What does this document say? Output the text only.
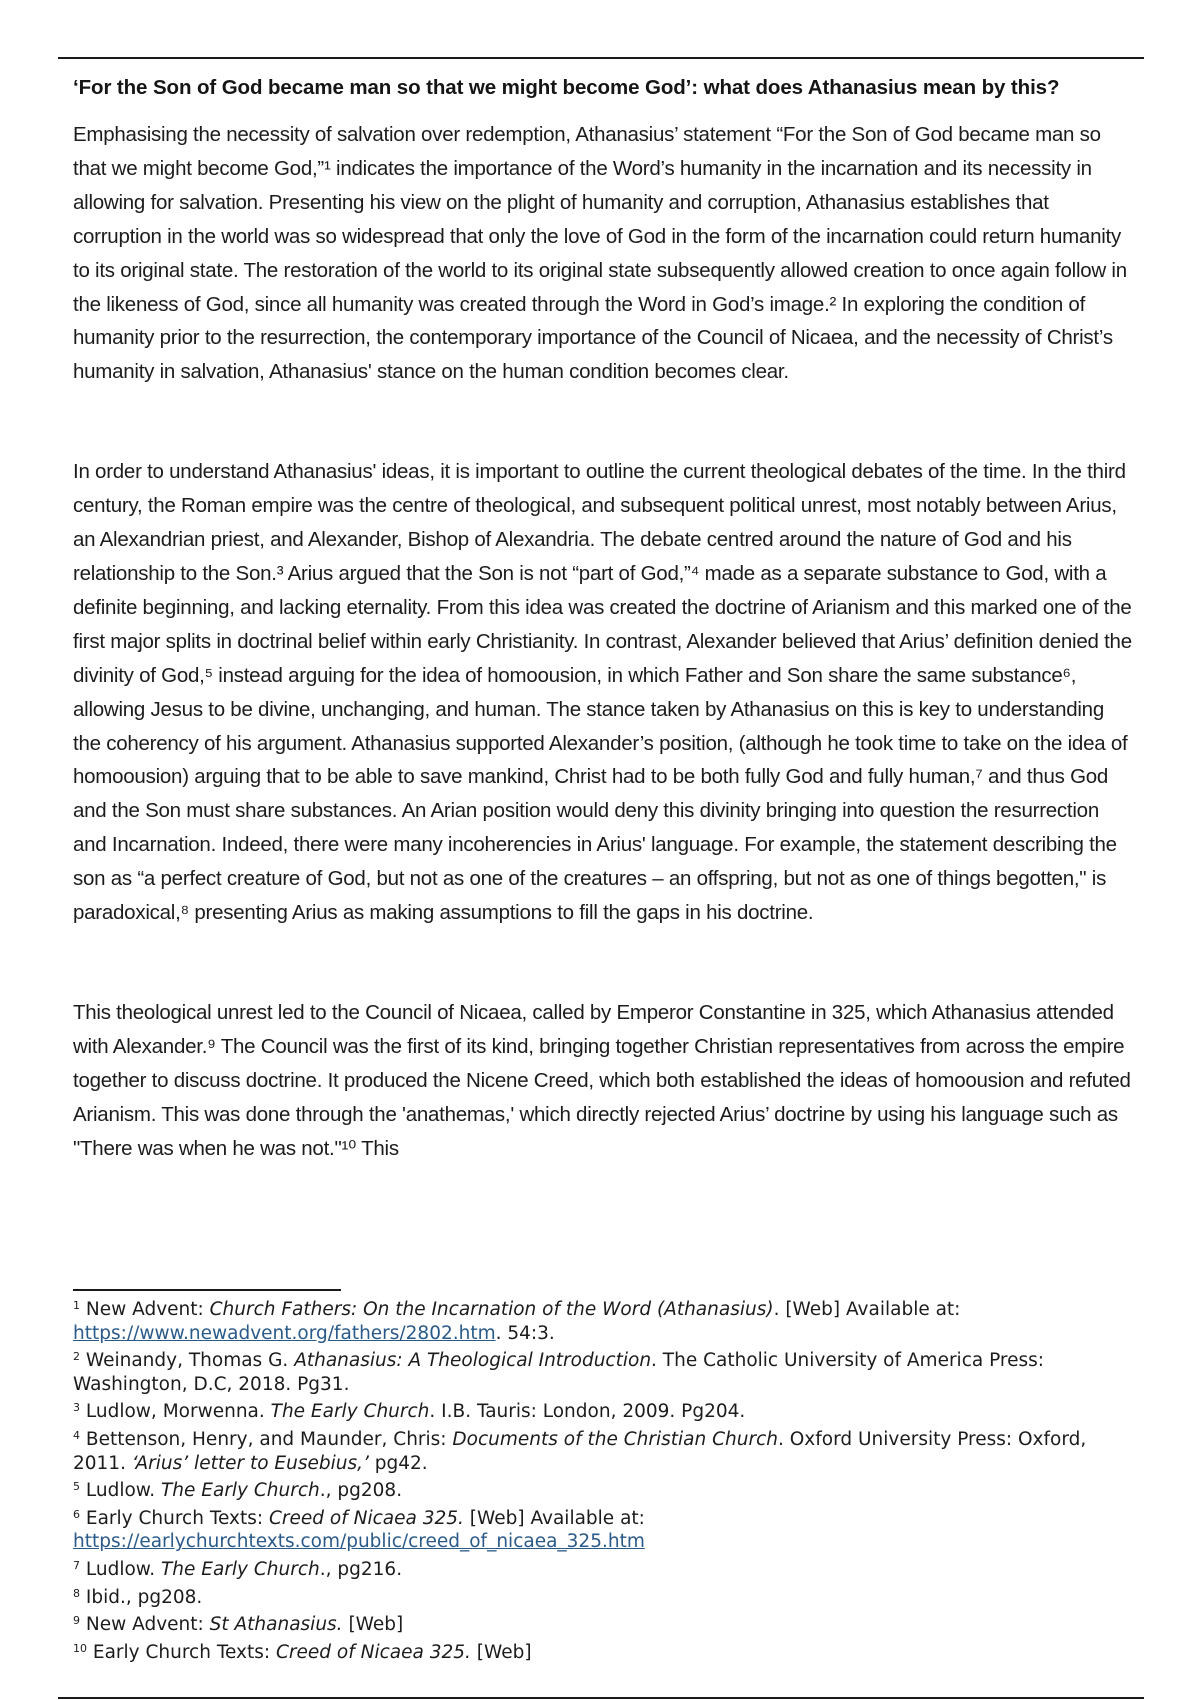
‘For the Son of God became man so that we might become God’: what does Athanasius mean by this?

Emphasising the necessity of salvation over redemption, Athanasius’ statement “For the Son of God became man so that we might become God,”¹ indicates the importance of the Word’s humanity in the incarnation and its necessity in allowing for salvation. Presenting his view on the plight of humanity and corruption, Athanasius establishes that corruption in the world was so widespread that only the love of God in the form of the incarnation could return humanity to its original state. The restoration of the world to its original state subsequently allowed creation to once again follow in the likeness of God, since all humanity was created through the Word in God’s image.² In exploring the condition of humanity prior to the resurrection, the contemporary importance of the Council of Nicaea, and the necessity of Christ’s humanity in salvation, Athanasius' stance on the human condition becomes clear.

In order to understand Athanasius' ideas, it is important to outline the current theological debates of the time. In the third century, the Roman empire was the centre of theological, and subsequent political unrest, most notably between Arius, an Alexandrian priest, and Alexander, Bishop of Alexandria. The debate centred around the nature of God and his relationship to the Son.³ Arius argued that the Son is not “part of God,”⁴ made as a separate substance to God, with a definite beginning, and lacking eternality. From this idea was created the doctrine of Arianism and this marked one of the first major splits in doctrinal belief within early Christianity. In contrast, Alexander believed that Arius’ definition denied the divinity of God,⁵ instead arguing for the idea of homoousion, in which Father and Son share the same substance⁶, allowing Jesus to be divine, unchanging, and human. The stance taken by Athanasius on this is key to understanding the coherency of his argument. Athanasius supported Alexander’s position, (although he took time to take on the idea of homoousion) arguing that to be able to save mankind, Christ had to be both fully God and fully human,⁷ and thus God and the Son must share substances. An Arian position would deny this divinity bringing into question the resurrection and Incarnation. Indeed, there were many incoherencies in Arius' language. For example, the statement describing the son as “a perfect creature of God, but not as one of the creatures – an offspring, but not as one of things begotten," is paradoxical,⁸ presenting Arius as making assumptions to fill the gaps in his doctrine.

This theological unrest led to the Council of Nicaea, called by Emperor Constantine in 325, which Athanasius attended with Alexander.⁹ The Council was the first of its kind, bringing together Christian representatives from across the empire together to discuss doctrine. It produced the Nicene Creed, which both established the ideas of homoousion and refuted Arianism. This was done through the 'anathemas,' which directly rejected Arius’ doctrine by using his language such as "There was when he was not."¹⁰ This

$^1$ New Advent: Church Fathers: On the Incarnation of the Word (Athanasius). [Web] Available at: https://www.newadvent.org/fathers/2802.htm. 54:3.

$^2$ Weinandy, Thomas G. Athanasius: A Theological Introduction. The Catholic University of America Press: Washington, D.C, 2018. Pg31.

$^3$ Ludlow, Morwenna. The Early Church. I.B. Tauris: London, 2009. Pg204.

$^4$ Bettenson, Henry, and Maunder, Chris: Documents of the Christian Church. Oxford University Press: Oxford, 2011. ‘Arius’ letter to Eusebius,’ pg42.

$^5$ Ludlow. The Early Church., pg208.

$^6$ Early Church Texts: Creed of Nicaea 325. [Web] Available at:
https://earlychurchtexts.com/public/creed_of_nicaea_325.htm

$^7$ Ludlow. The Early Church., pg216.

$^8$ Ibid., pg208.

$^9$ New Advent: St Athanasius. [Web]

$^{10}$ Early Church Texts: Creed of Nicaea 325. [Web]
